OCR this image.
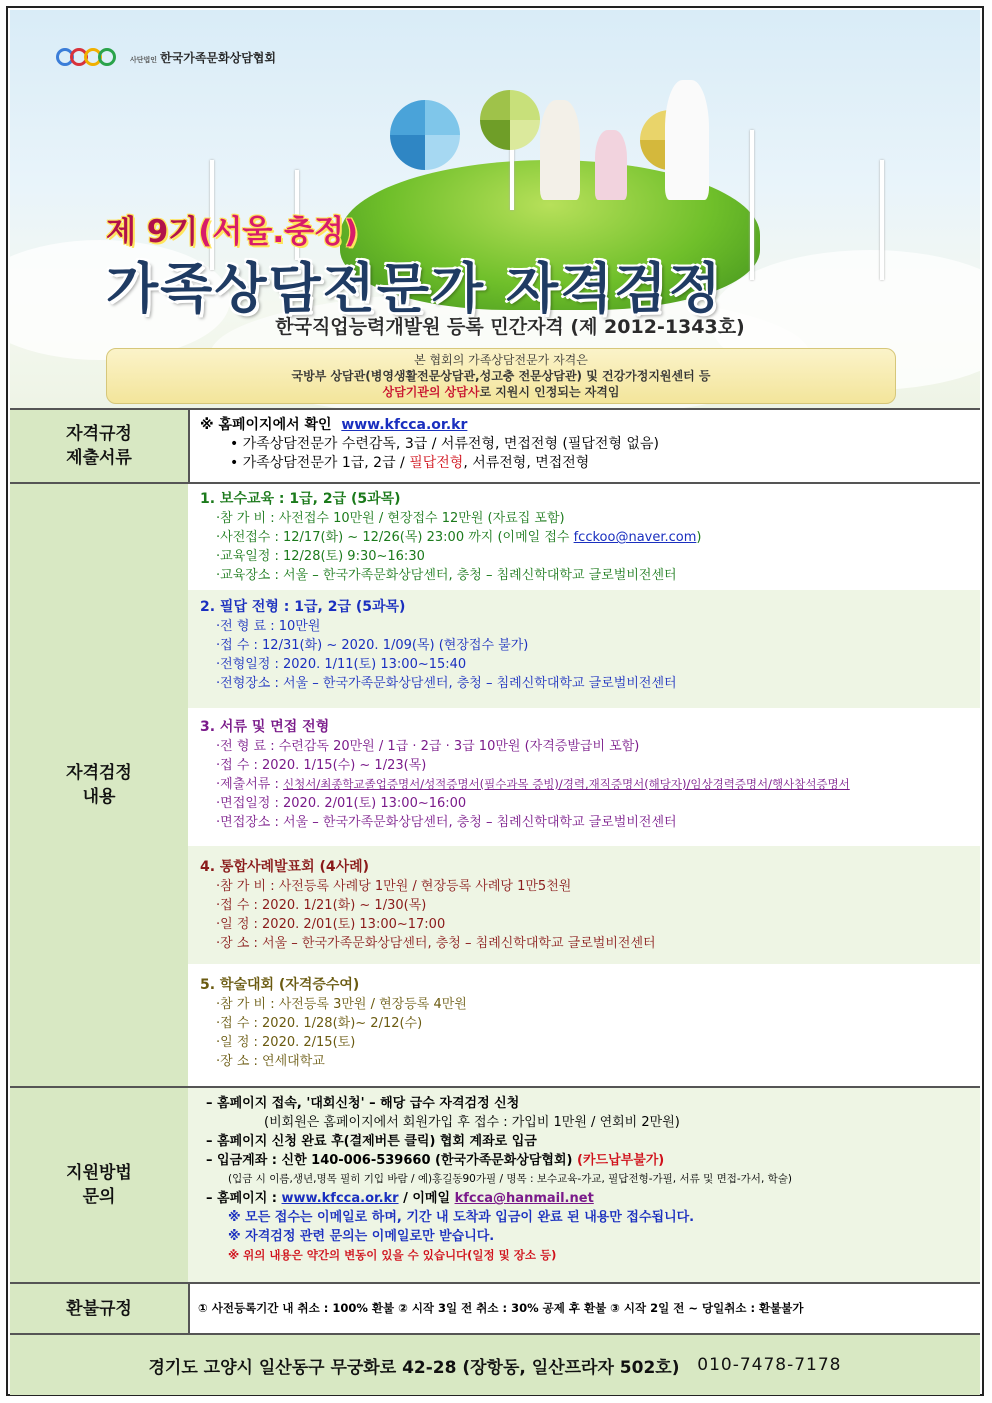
사단법인 한국가족문화상담협회
제 9기(서울.충정)
가족상담전문가 자격검정
한국직업능력개발원 등록 민간자격 (제 2012-1343호)
본 협회의 가족상담전문가 자격은
국방부 상담관(병영생활전문상담관,성고충 전문상담관) 및 건강가정지원센터 등
상담기관의 상담사로 지원시 인정되는 자격임
자격규정
제출서류
※ 홈페이지에서 확인 www.kfcca.or.kr
• 가족상담전문가 수련감독, 3급 / 서류전형, 면접전형 (필답전형 없음)
• 가족상담전문가 1급, 2급 / 필답전형, 서류전형, 면접전형
자격검정
내용
1. 보수교육 : 1급, 2급 (5과목)
·참 가 비 : 사전접수 10만원 / 현장접수 12만원 (자료집 포함)
·사전접수 : 12/17(화) ~ 12/26(목) 23:00 까지 (이메일 접수 fcckoo@naver.com)
·교육일정 : 12/28(토) 9:30~16:30
·교육장소 : 서울 – 한국가족문화상담센터, 충청 – 침례신학대학교 글로벌비전센터
2. 필답 전형 : 1급, 2급 (5과목)
·전 형 료 : 10만원
·접 수 : 12/31(화) ~ 2020. 1/09(목) (현장접수 불가)
·전형일정 : 2020. 1/11(토) 13:00~15:40
·전형장소 : 서울 – 한국가족문화상담센터, 충청 – 침례신학대학교 글로벌비전센터
3. 서류 및 면접 전형
·전 형 료 : 수련감독 20만원 / 1급 · 2급 · 3급 10만원 (자격증발급비 포함)
·접 수 : 2020. 1/15(수) ~ 1/23(목)
·제출서류 : 신청서/최종학교졸업증명서/성적증명서(필수과목 증빙)/경력,재직증명서(해당자)/임상경력증명서/행사참석증명서
·면접일정 : 2020. 2/01(토) 13:00~16:00
·면접장소 : 서울 – 한국가족문화상담센터, 충청 – 침례신학대학교 글로벌비전센터
4. 통합사례발표회 (4사례)
·참 가 비 : 사전등록 사례당 1만원 / 현장등록 사례당 1만5천원
·접 수 : 2020. 1/21(화) ~ 1/30(목)
·일 정 : 2020. 2/01(토) 13:00~17:00
·장 소 : 서울 – 한국가족문화상담센터, 충청 – 침례신학대학교 글로벌비전센터
5. 학술대회 (자격증수여)
·참 가 비 : 사전등록 3만원 / 현장등록 4만원
·접 수 : 2020. 1/28(화)~ 2/12(수)
·일 정 : 2020. 2/15(토)
·장 소 : 연세대학교
지원방법
문의
– 홈페이지 접속, '대회신청' – 해당 급수 자격검정 신청
(비회원은 홈페이지에서 회원가입 후 접수 : 가입비 1만원 / 연회비 2만원)
– 홈페이지 신청 완료 후(결제버튼 클릭) 협회 계좌로 입금
– 입금계좌 : 신한 140-006-539660 (한국가족문화상담협회) (카드납부불가)
(입금 시 이름,생년,명목 필히 기입 바람 / 예)홍길동90가필 / 명목 : 보수교육-가교, 필답전형-가필, 서류 및 면접-가서, 학술)
– 홈페이지 : www.kfcca.or.kr / 이메일 kfcca@hanmail.net
※ 모든 접수는 이메일로 하며, 기간 내 도착과 입금이 완료 된 내용만 접수됩니다.
※ 자격검정 관련 문의는 이메일로만 받습니다.
※ 위의 내용은 약간의 변동이 있을 수 있습니다(일정 및 장소 등)
환불규정	① 사전등록기간 내 취소 : 100% 환불 ② 시작 3일 전 취소 : 30% 공제 후 환불 ③ 시작 2일 전 ~ 당일취소 : 환불불가
경기도 고양시 일산동구 무궁화로 42-28 (장항동, 일산프라자 502호)
010-7478-7178
